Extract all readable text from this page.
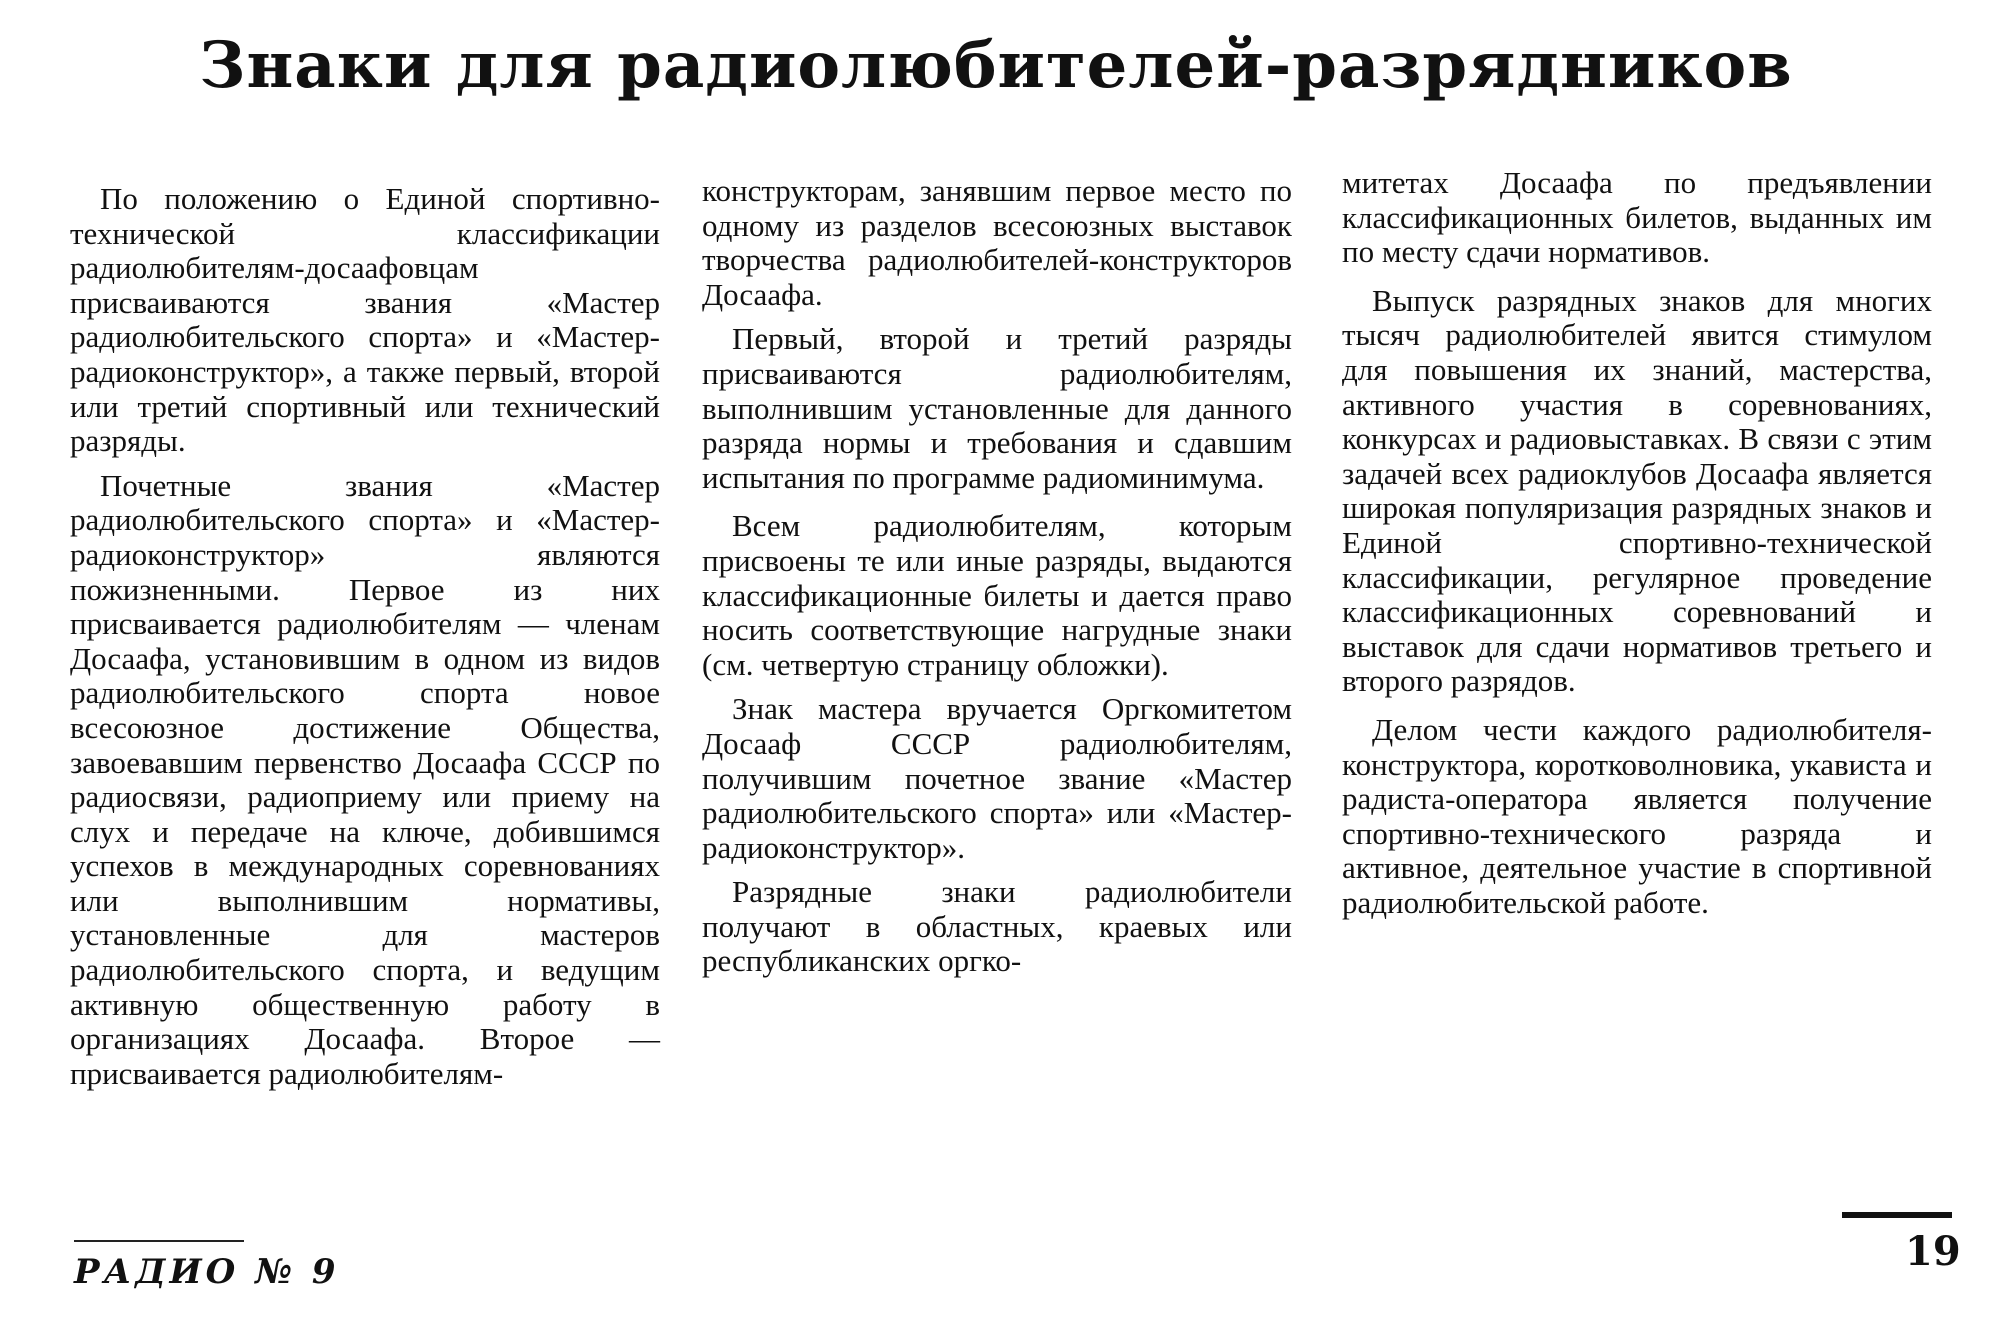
Знаки для радиолюбителей-разрядников

По положению о Единой спортивно-технической классификации радиолюбителям-досаафовцам присваиваются звания «Мастер радиолюбительского спорта» и «Мастер-радиоконструктор», а также первый, второй или третий спортивный или технический разряды.

Почетные звания «Мастер радиолюбительского спорта» и «Мастер-радиоконструктор» являются пожизненными. Первое из них присваивается радиолюбителям — членам Досаафа, установившим в одном из видов радиолюбительского спорта новое всесоюзное достижение Общества, завоевавшим первенство Досаафа СССР по радиосвязи, радиоприему или приему на слух и передаче на ключе, добившимся успехов в международных соревнованиях или выполнившим нормативы, установленные для мастеров радиолюбительского спорта, и ведущим активную общественную работу в организациях Досаафа. Второе — присваивается радиолюбителям-

конструкторам, занявшим первое место по одному из разделов всесоюзных выставок творчества радиолюбителей-конструкторов Досаафа.

Первый, второй и третий разряды присваиваются радиолюбителям, выполнившим установленные для данного разряда нормы и требования и сдавшим испытания по программе радиоминимума.

Всем радиолюбителям, которым присвоены те или иные разряды, выдаются классификационные билеты и дается право носить соответствующие нагрудные знаки (см. четвертую страницу обложки).

Знак мастера вручается Оргкомитетом Досааф СССР радиолюбителям, получившим почетное звание «Мастер радиолюбительского спорта» или «Мастер-радиоконструктор».

Разрядные знаки радиолюбители получают в областных, краевых или республиканских оргко-

митетах Досаафа по предъявлении классификационных билетов, выданных им по месту сдачи нормативов.

Выпуск разрядных знаков для многих тысяч радиолюбителей явится стимулом для повышения их знаний, мастерства, активного участия в соревнованиях, конкурсах и радиовыставках. В связи с этим задачей всех радиоклубов Досаафа является широкая популяризация разрядных знаков и Единой спортивно-технической классификации, регулярное проведение классификационных соревнований и выставок для сдачи нормативов третьего и второго разрядов.

Делом чести каждого радиолюбителя-конструктора, коротковолновика, укависта и радиста-оператора является получение спортивно-технического разряда и активное, деятельное участие в спортивной радиолюбительской работе.

РАДИО № 9	19
